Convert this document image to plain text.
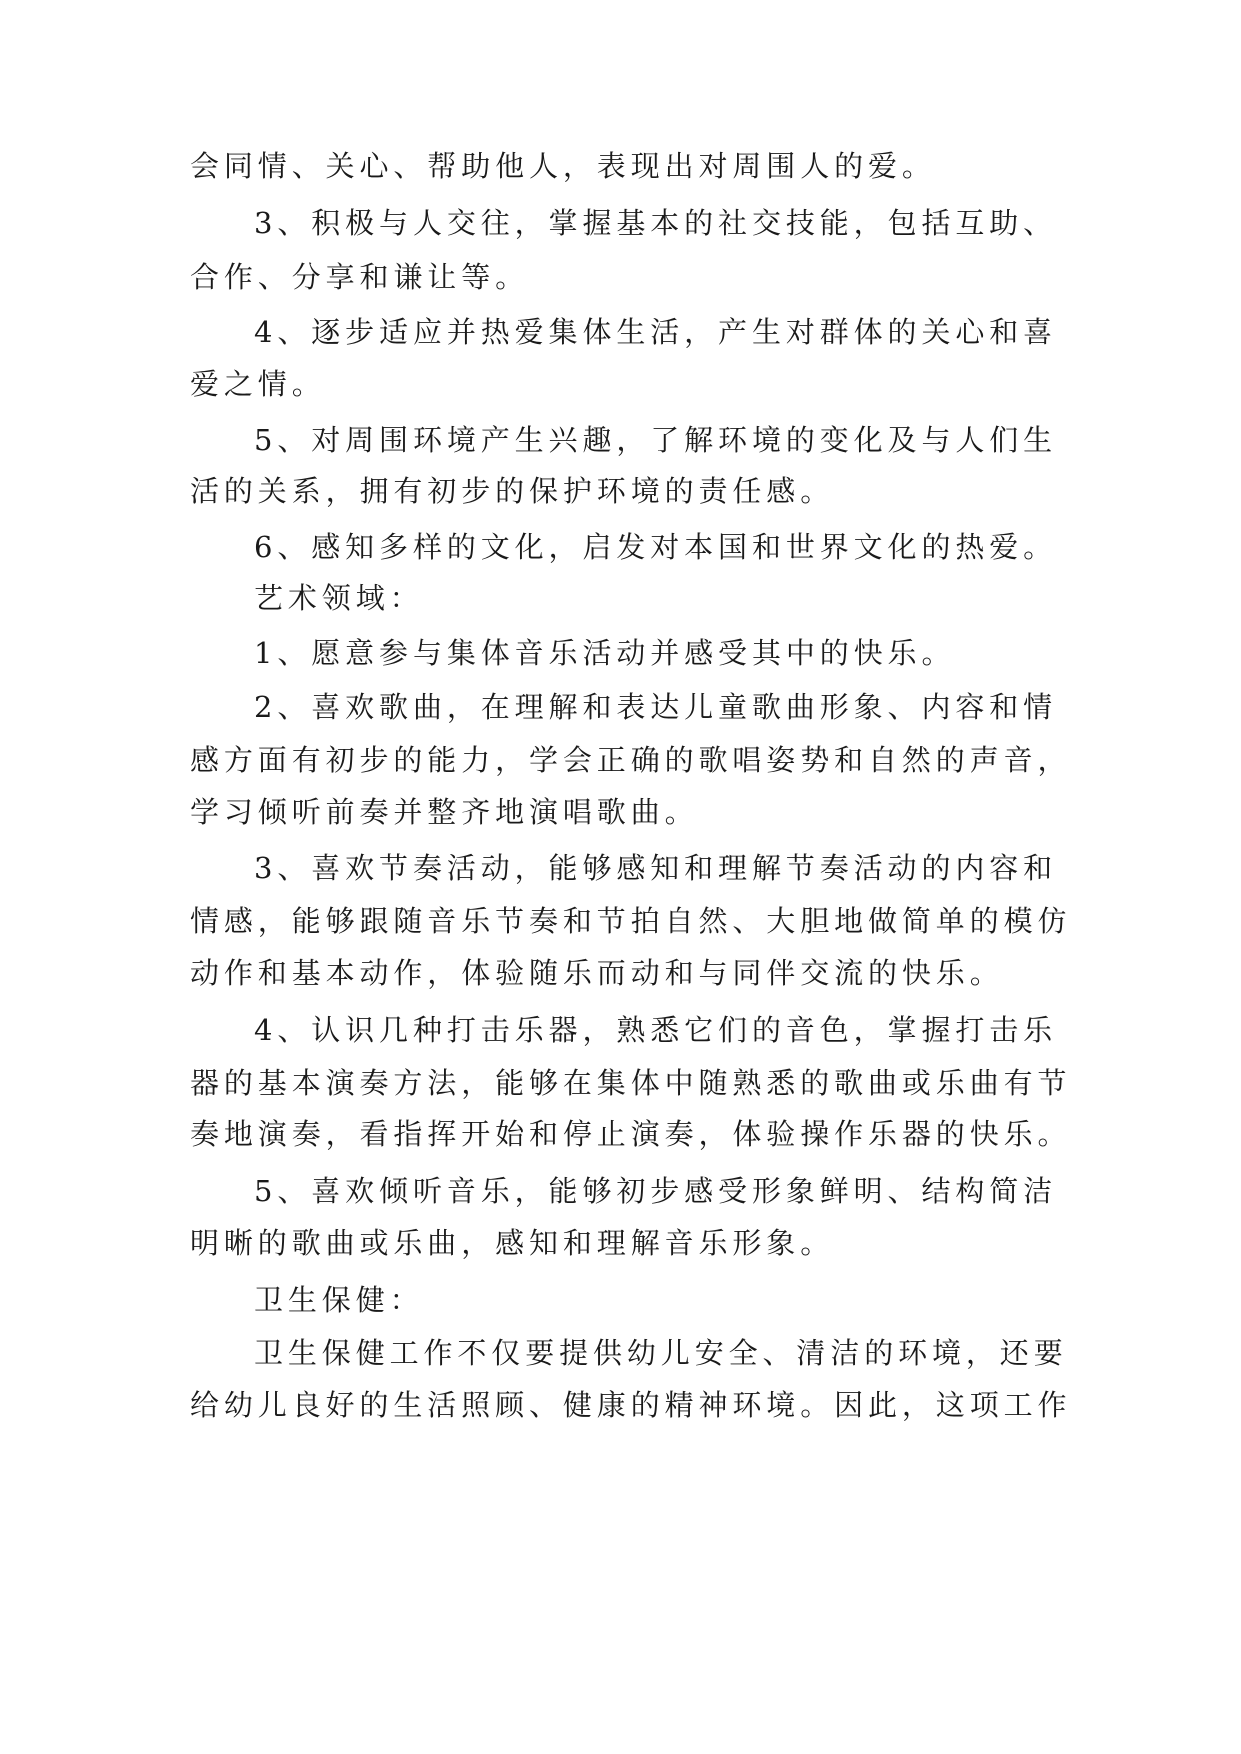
会同情、关心、帮助他人，表现出对周围人的爱。
3、积极与人交往，掌握基本的社交技能，包括互助、
合作、分享和谦让等。
4、逐步适应并热爱集体生活，产生对群体的关心和喜
爱之情。
5、对周围环境产生兴趣，了解环境的变化及与人们生
活的关系，拥有初步的保护环境的责任感。
6、感知多样的文化，启发对本国和世界文化的热爱。
艺术领域：
1、愿意参与集体音乐活动并感受其中的快乐。
2、喜欢歌曲，在理解和表达儿童歌曲形象、内容和情
感方面有初步的能力，学会正确的歌唱姿势和自然的声音，
学习倾听前奏并整齐地演唱歌曲。
3、喜欢节奏活动，能够感知和理解节奏活动的内容和
情感，能够跟随音乐节奏和节拍自然、大胆地做简单的模仿
动作和基本动作，体验随乐而动和与同伴交流的快乐。
4、认识几种打击乐器，熟悉它们的音色，掌握打击乐
器的基本演奏方法，能够在集体中随熟悉的歌曲或乐曲有节
奏地演奏，看指挥开始和停止演奏，体验操作乐器的快乐。
5、喜欢倾听音乐，能够初步感受形象鲜明、结构简洁
明晰的歌曲或乐曲，感知和理解音乐形象。
卫生保健：
卫生保健工作不仅要提供幼儿安全、清洁的环境，还要
给幼儿良好的生活照顾、健康的精神环境。因此，这项工作
